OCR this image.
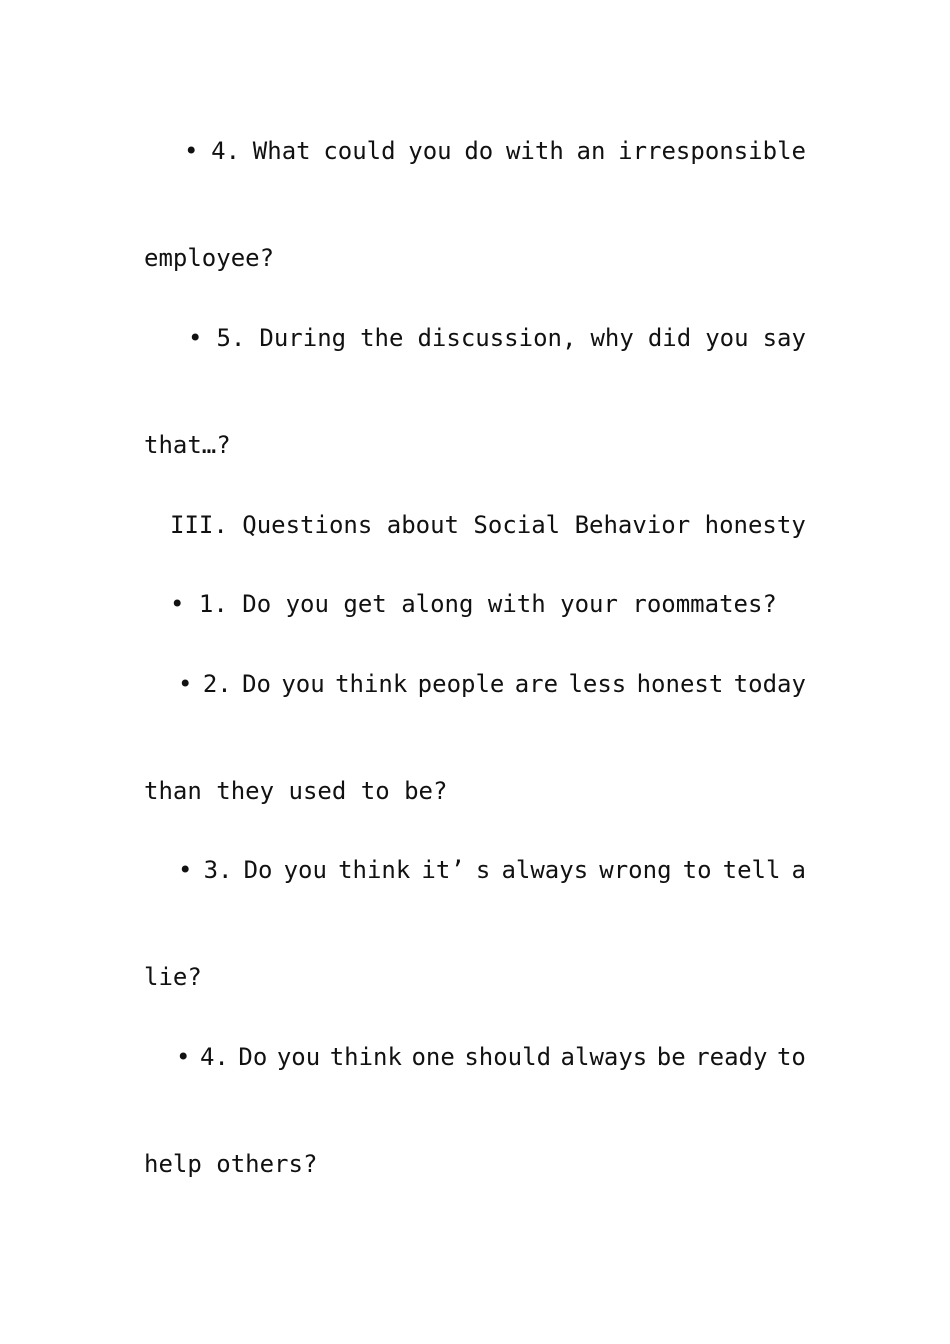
• 4. What could you do with an irresponsible
employee?
• 5. During the discussion, why did you say
that…?
III. Questions about Social Behavior honesty
• 1. Do you get along with your roommates?
• 2. Do you think people are less honest today
than they used to be?
• 3. Do you think it’ s always wrong to tell a
lie?
• 4. Do you think one should always be ready to
help others?
